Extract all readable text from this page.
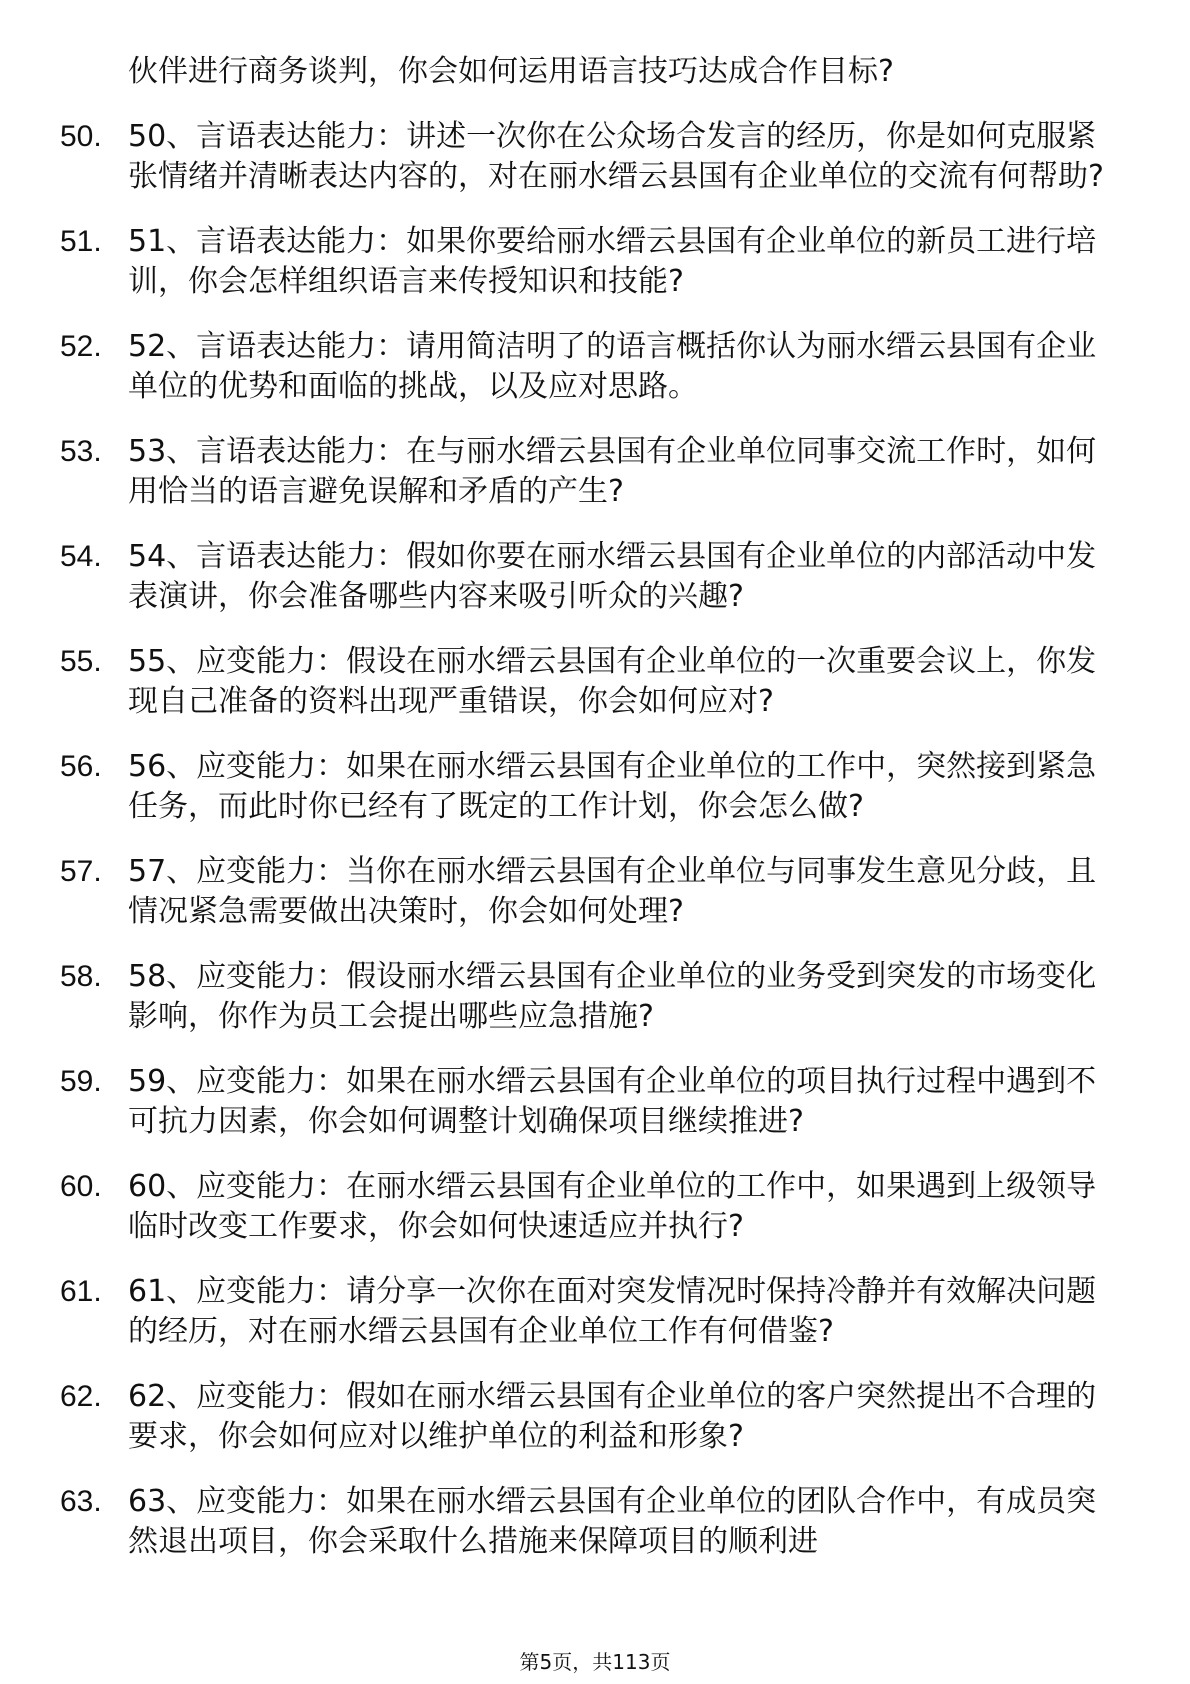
伙伴进行商务谈判，你会如何运用语言技巧达成合作目标?
50. 50、言语表达能力：讲述一次你在公众场合发言的经历，你是如何克服紧张情绪并清晰表达内容的，对在丽水缙云县国有企业单位的交流有何帮助?
51. 51、言语表达能力：如果你要给丽水缙云县国有企业单位的新员工进行培训，你会怎样组织语言来传授知识和技能?
52. 52、言语表达能力：请用简洁明了的语言概括你认为丽水缙云县国有企业单位的优势和面临的挑战，以及应对思路。
53. 53、言语表达能力：在与丽水缙云县国有企业单位同事交流工作时，如何用恰当的语言避免误解和矛盾的产生?
54. 54、言语表达能力：假如你要在丽水缙云县国有企业单位的内部活动中发表演讲，你会准备哪些内容来吸引听众的兴趣?
55. 55、应变能力：假设在丽水缙云县国有企业单位的一次重要会议上，你发现自己准备的资料出现严重错误，你会如何应对?
56. 56、应变能力：如果在丽水缙云县国有企业单位的工作中，突然接到紧急任务，而此时你已经有了既定的工作计划，你会怎么做?
57. 57、应变能力：当你在丽水缙云县国有企业单位与同事发生意见分歧，且情况紧急需要做出决策时，你会如何处理?
58. 58、应变能力：假设丽水缙云县国有企业单位的业务受到突发的市场变化影响，你作为员工会提出哪些应急措施?
59. 59、应变能力：如果在丽水缙云县国有企业单位的项目执行过程中遇到不可抗力因素，你会如何调整计划确保项目继续推进?
60. 60、应变能力：在丽水缙云县国有企业单位的工作中，如果遇到上级领导临时改变工作要求，你会如何快速适应并执行?
61. 61、应变能力：请分享一次你在面对突发情况时保持冷静并有效解决问题的经历，对在丽水缙云县国有企业单位工作有何借鉴?
62. 62、应变能力：假如在丽水缙云县国有企业单位的客户突然提出不合理的要求，你会如何应对以维护单位的利益和形象?
63. 63、应变能力：如果在丽水缙云县国有企业单位的团队合作中，有成员突然退出项目，你会采取什么措施来保障项目的顺利进
第5页，共113页
